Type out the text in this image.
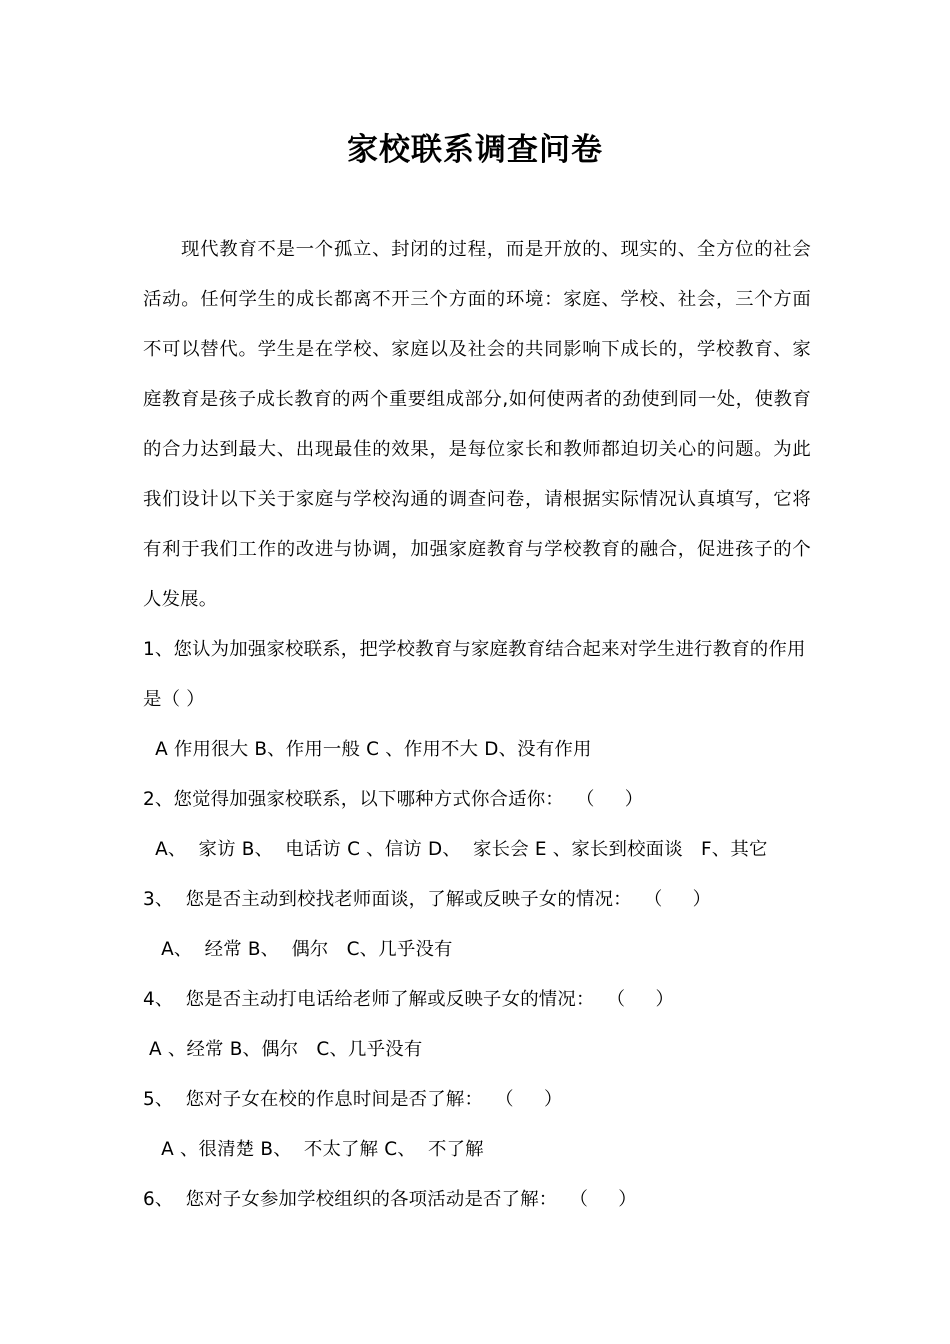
家校联系调查问卷

现代教育不是一个孤立、封闭的过程，而是开放的、现实的、全方位的社会活动。任何学生的成长都离不开三个方面的环境：家庭、学校、社会，三个方面不可以替代。学生是在学校、家庭以及社会的共同影响下成长的，学校教育、家庭教育是孩子成长教育的两个重要组成部分,如何使两者的劲使到同一处，使教育的合力达到最大、出现最佳的效果，是每位家长和教师都迫切关心的问题。为此我们设计以下关于家庭与学校沟通的调查问卷，请根据实际情况认真填写，它将有利于我们工作的改进与协调，加强家庭教育与学校教育的融合，促进孩子的个人发展。

1、您认为加强家校联系，把学校教育与家庭教育结合起来对学生进行教育的作用是（ ）

A 作用很大 B、作用一般 C 、作用不大 D、没有作用

2、您觉得加强家校联系，以下哪种方式你合适你：  （     ）

A、  家访 B、  电话访 C 、信访 D、  家长会 E 、家长到校面谈   F、其它

3、  您是否主动到校找老师面谈，了解或反映子女的情况：  （     ）

A、  经常 B、  偶尔   C、几乎没有

4、  您是否主动打电话给老师了解或反映子女的情况：  （     ）

A 、经常 B、偶尔   C、几乎没有

5、  您对子女在校的作息时间是否了解：  （     ）

A 、很清楚 B、  不太了解 C、  不了解

6、  您对子女参加学校组织的各项活动是否了解：  （     ）
